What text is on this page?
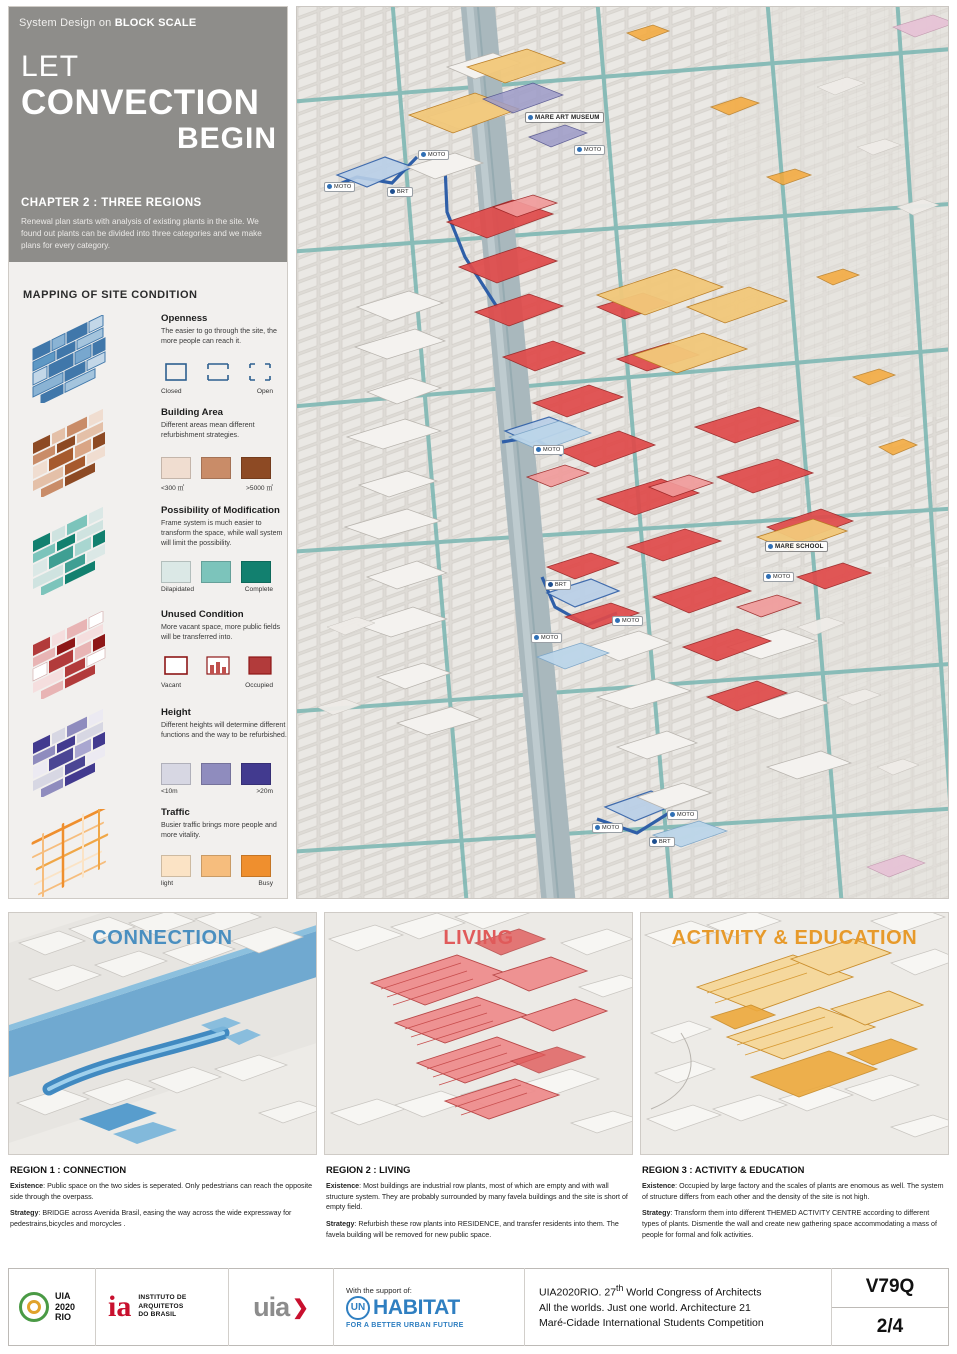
System Design on BLOCK SCALE
LET
CONVECTION
BEGIN
CHAPTER 2 : THREE REGIONS
Renewal plan starts with analysis of existing plants in the site. We found out plants can be divided into three categories and we make plans for every category.
MAPPING OF SITE CONDITION
Openness
The easier to go through the site, the more people can reach it.
Closed	Open
Building Area
Different areas mean different refurbishment strategies.
<300 ㎡	>5000 ㎡
Possibility of Modification
Frame system is much easier to transform the space, while wall system will limit the possibility.
Dilapidated	Complete
Unused Condition
More vacant space, more public fields will be transferred into.
Vacant	Occupied
Height
Different heights will determine different functions and the way to be refurbished.
<10m	>20m
Traffic
Busier traffic brings more people and more vitality.
light	Busy
MARE ART MUSEUM
MARE SCHOOL
MOTO
MOTO
MOTO
BRT
MOTO
MOTO
BRT
MOTO
MOTO
MOTO
MOTO
BRT
CONNECTION
REGION 1 : CONNECTION
Existence: Public space on the two sides is seperated. Only pedestrians can reach the opposite side through the overpass.
Strategy: BRIDGE across Avenida Brasil, easing the way across the wide expressway for pedestrains,bicycles and morcycles .
LIVING
REGION 2 : LIVING
Existence: Most buildings are industrial row plants, most of which are empty and with wall structure system. They are probably surrounded by many favela buildings and the site is short of empty field.
Strategy: Refurbish these row plants into RESIDENCE, and transfer residents into them. The favela building will be removed for new public space.
ACTIVITY & EDUCATION
REGION 3 : ACTIVITY & EDUCATION
Existence: Occupied by large factory and the scales of plants are enomous as well. The system of structure differs from each other and the density of the site is not high.
Strategy: Transform them into different THEMED ACTIVITY CENTRE according to different types of plants. Dismentle the wall and create new gathering space accommodating a mass of people for formal and folk activities.
UIA
2020
RIO ia INSTITUTO DE
ARQUITETOS
DO BRASIL	uia ❯
With the support of:
UN HABITAT
FOR A BETTER URBAN FUTURE
UIA2020RIO. 27th World Congress of Architects
All the worlds. Just one world. Architecture 21
Maré-Cidade International Students Competition
V79Q
2/4
